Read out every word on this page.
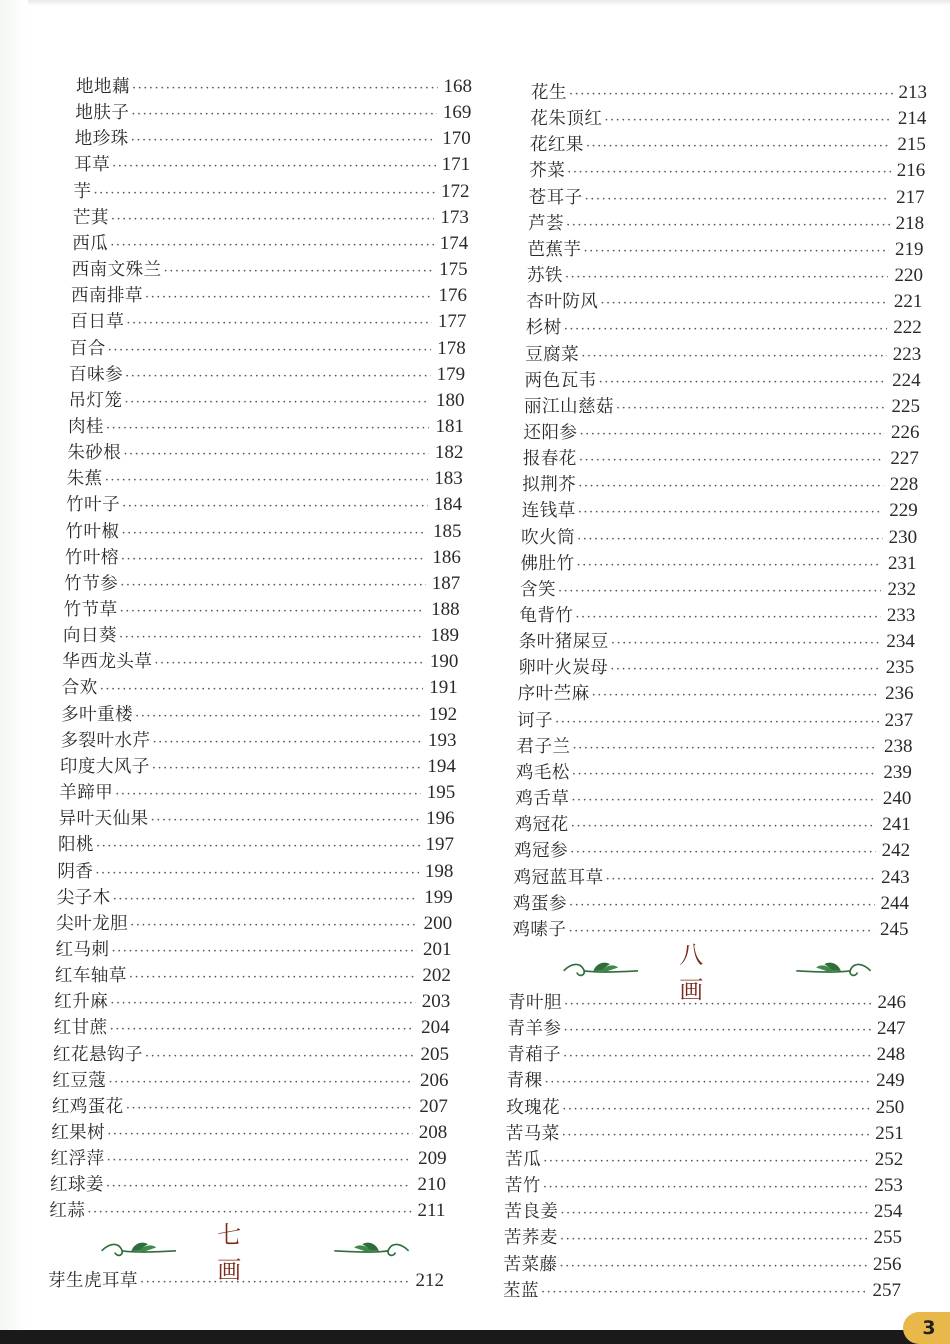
地地藕 ·····	168
地肤子 ·····	169
地珍珠 ·····	170
耳草 ·····	171
芋 ·····	172
芒萁 ·····	173
西瓜 ·····	174
西南文殊兰 ·····	175
西南排草 ·····	176
百日草 ·····	177
百合 ·····	178
百味参 ·····	179
吊灯笼 ·····	180
肉桂 ·····	181
朱砂根 ·····	182
朱蕉 ·····	183
竹叶子 ·····	184
竹叶椒 ·····	185
竹叶榕 ·····	186
竹节参 ·····	187
竹节草 ·····	188
向日葵 ·····	189
华西龙头草 ·····	190
合欢 ·····	191
多叶重楼 ·····	192
多裂叶水芹 ·····	193
印度大风子 ·····	194
羊蹄甲 ·····	195
异叶天仙果 ·····	196
阳桃 ·····	197
阴香 ·····	198
尖子木 ·····	199
尖叶龙胆 ·····	200
红马刺 ·····	201
红车轴草 ·····	202
红升麻 ·····	203
红甘蔗 ·····	204
红花悬钩子 ·····	205
红豆蔻 ·····	206
红鸡蛋花 ·····	207
红果树 ·····	208
红浮萍 ·····	209
红球姜 ·····	210
红蒜 ·····	211
芽生虎耳草 ·····	212
花生 ·····	213
花朱顶红 ·····	214
花红果 ·····	215
芥菜 ·····	216
苍耳子 ·····	217
芦荟 ·····	218
芭蕉芋 ·····	219
苏铁 ·····	220
杏叶防风 ·····	221
杉树 ·····	222
豆腐菜 ·····	223
两色瓦韦 ·····	224
丽江山慈菇 ·····	225
还阳参 ·····	226
报春花 ·····	227
拟荆芥 ·····	228
连钱草 ·····	229
吹火筒 ·····	230
佛肚竹 ·····	231
含笑 ·····	232
龟背竹 ·····	233
条叶猪屎豆 ·····	234
卵叶火炭母 ·····	235
序叶苎麻 ·····	236
诃子 ·····	237
君子兰 ·····	238
鸡毛松 ·····	239
鸡舌草 ·····	240
鸡冠花 ·····	241
鸡冠参 ·····	242
鸡冠蓝耳草 ·····	243
鸡蛋参 ·····	244
鸡嗉子 ·····	245
青叶胆 ·····	246
青羊参 ·····	247
青葙子 ·····	248
青稞 ·····	249
玫瑰花 ·····	250
苦马菜 ·····	251
苦瓜 ·····	252
苦竹 ·····	253
苦良姜 ·····	254
苦荞麦 ·····	255
苦菜藤 ·····	256
苤蓝 ·····	257
七 画
八 画
3
